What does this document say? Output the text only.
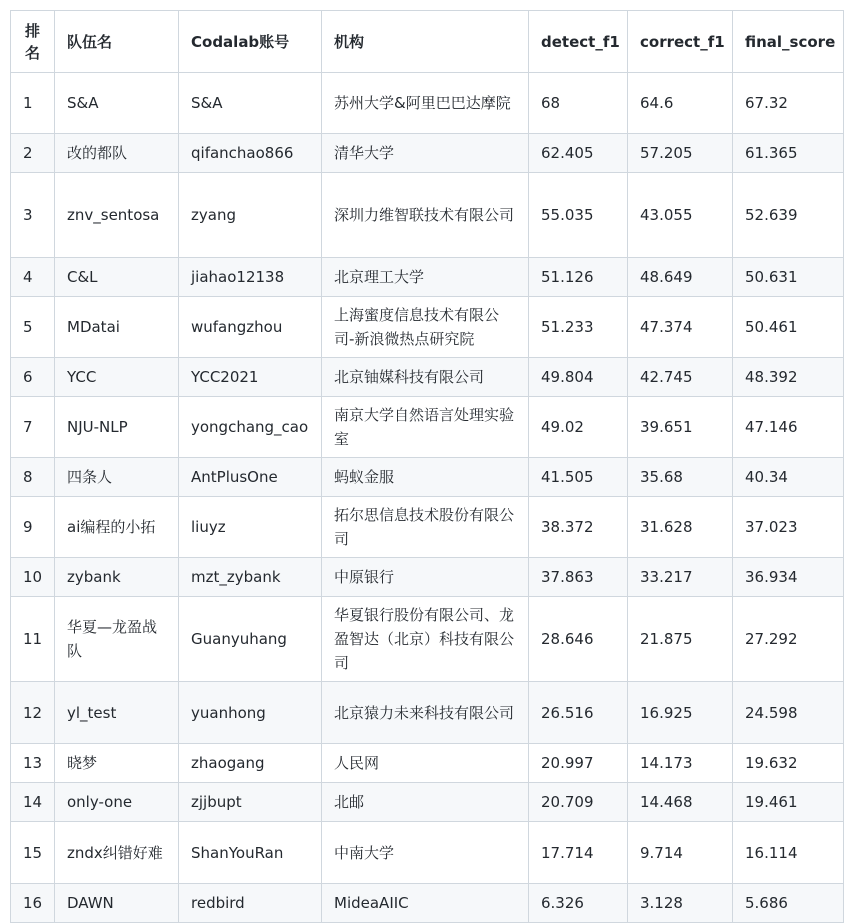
排名	队伍名	Codalab账号	机构	detect_f1	correct_f1	final_score
1	S&A	S&A	苏州大学&阿里巴巴达摩院	68	64.6	67.32
2	改的都队	qifanchao866	清华大学	62.405	57.205	61.365
3	znv_sentosa	zyang	深圳力维智联技术有限公司	55.035	43.055	52.639
4	C&L	jiahao12138	北京理工大学	51.126	48.649	50.631
5	MDatai	wufangzhou	上海蜜度信息技术有限公司-新浪微热点研究院	51.233	47.374	50.461
6	YCC	YCC2021	北京铀媒科技有限公司	49.804	42.745	48.392
7	NJU-NLP	yongchang_cao	南京大学自然语言处理实验室	49.02	39.651	47.146
8	四条人	AntPlusOne	蚂蚁金服	41.505	35.68	40.34
9	ai编程的小拓	liuyz	拓尔思信息技术股份有限公司	38.372	31.628	37.023
10	zybank	mzt_zybank	中原银行	37.863	33.217	36.934
11	华夏—龙盈战队	Guanyuhang	华夏银行股份有限公司、龙盈智达（北京）科技有限公司	28.646	21.875	27.292
12	yl_test	yuanhong	北京猿力未来科技有限公司	26.516	16.925	24.598
13	晓梦	zhaogang	人民网	20.997	14.173	19.632
14	only-one	zjjbupt	北邮	20.709	14.468	19.461
15	zndx纠错好难	ShanYouRan	中南大学	17.714	9.714	16.114
16	DAWN	redbird	MideaAIIC	6.326	3.128	5.686
